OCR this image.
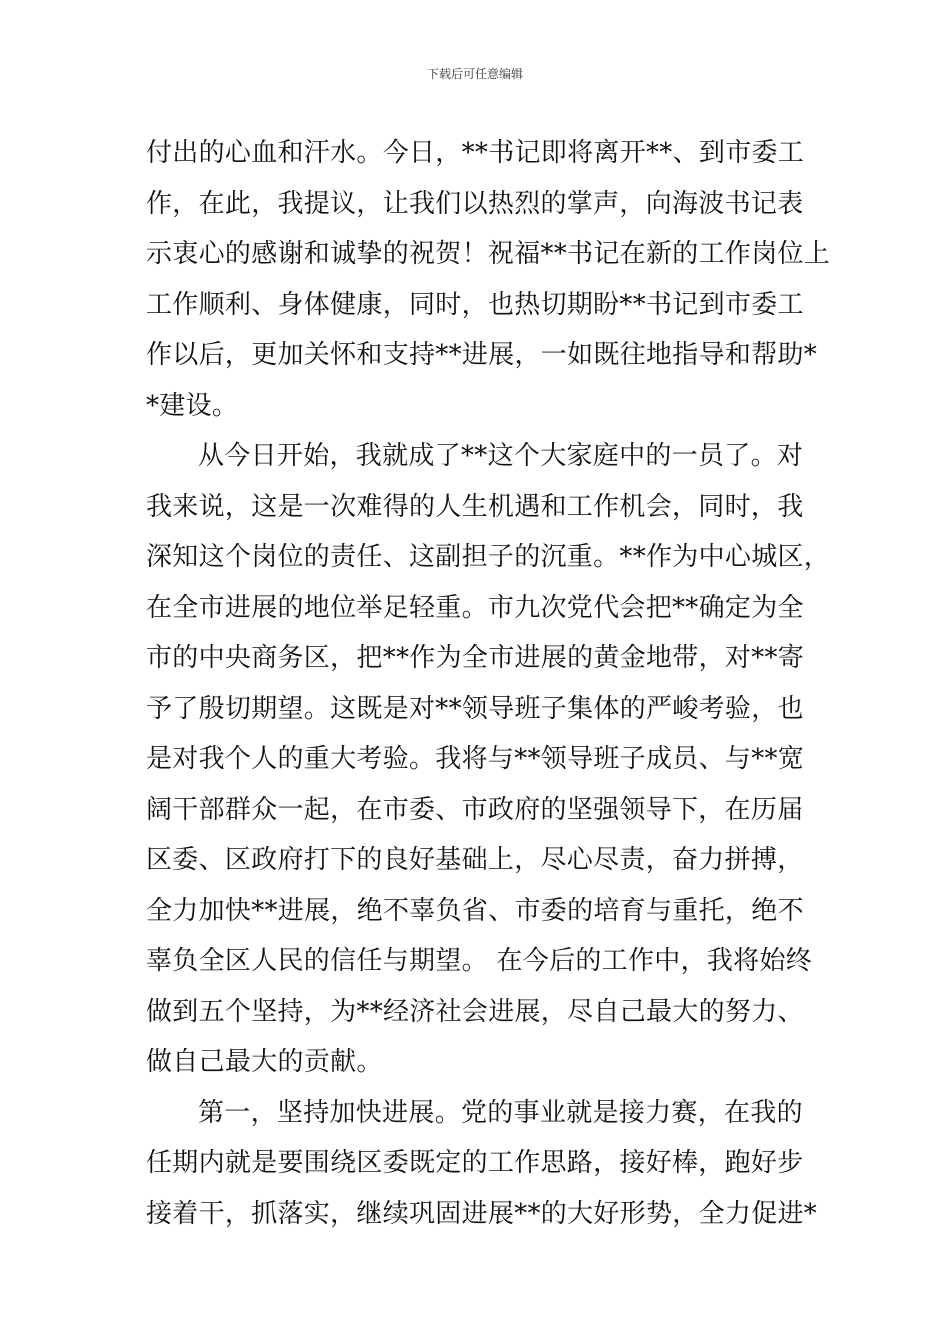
下载后可任意编辑
付出的心血和汗水。今日，**书记即将离开**、到市委工
作，在此，我提议，让我们以热烈的掌声，向海波书记表
示衷心的感谢和诚挚的祝贺！祝福**书记在新的工作岗位上
工作顺利、身体健康，同时，也热切期盼**书记到市委工
作以后，更加关怀和支持**进展，一如既往地指导和帮助*
*建设。
从今日开始，我就成了**这个大家庭中的一员了。对
我来说，这是一次难得的人生机遇和工作机会，同时，我
深知这个岗位的责任、这副担子的沉重。**作为中心城区，
在全市进展的地位举足轻重。市九次党代会把**确定为全
市的中央商务区，把**作为全市进展的黄金地带，对**寄
予了殷切期望。这既是对**领导班子集体的严峻考验，也
是对我个人的重大考验。我将与**领导班子成员、与**宽
阔干部群众一起，在市委、市政府的坚强领导下，在历届
区委、区政府打下的良好基础上，尽心尽责，奋力拼搏，
全力加快**进展，绝不辜负省、市委的培育与重托，绝不
辜负全区人民的信任与期望。 在今后的工作中，我将始终
做到五个坚持，为**经济社会进展，尽自己最大的努力、
做自己最大的贡献。
第一，坚持加快进展。党的事业就是接力赛，在我的
任期内就是要围绕区委既定的工作思路，接好棒，跑好步
接着干，抓落实，继续巩固进展**的大好形势，全力促进*
